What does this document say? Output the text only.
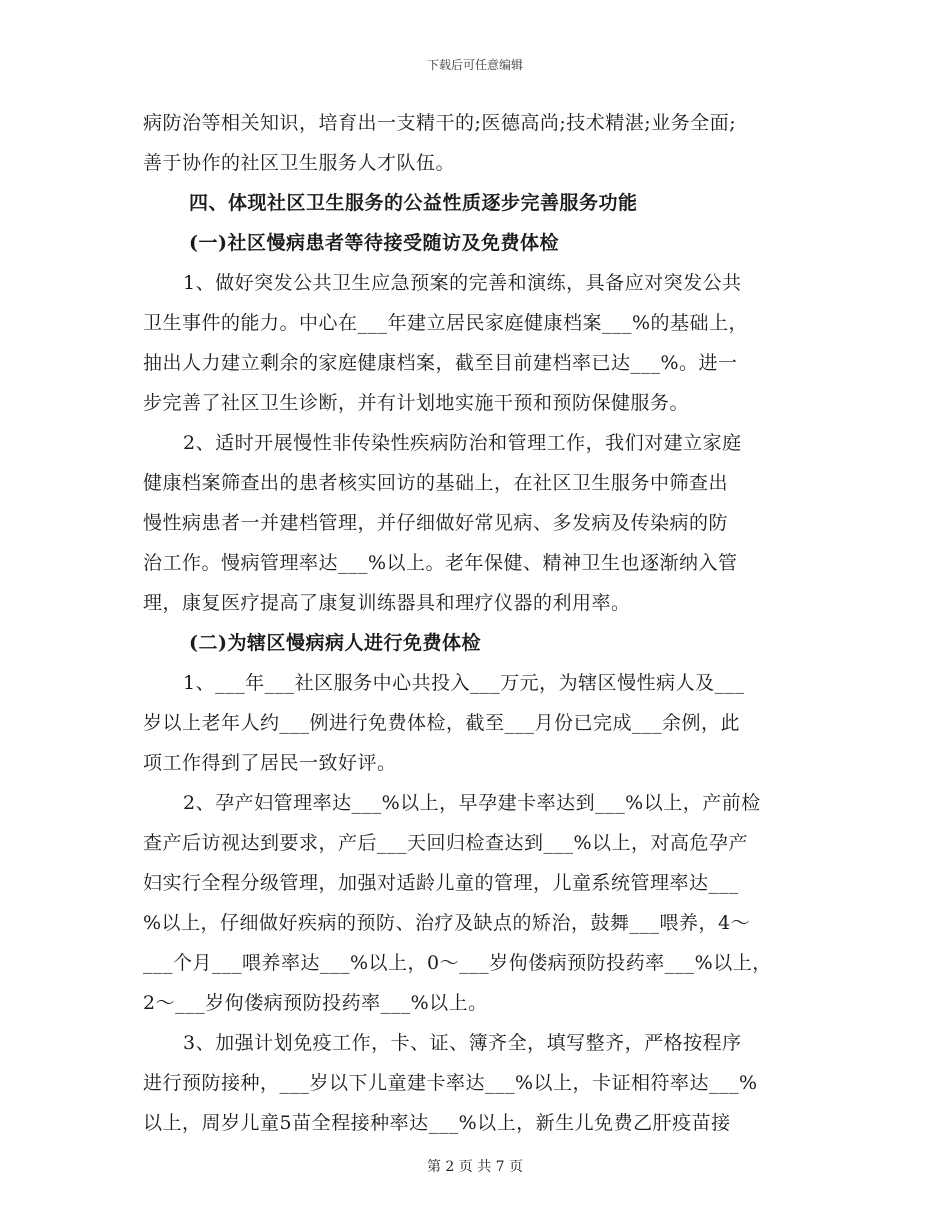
下载后可任意编辑
病防治等相关知识，培育出一支精干的;医德高尚;技术精湛;业务全面;
善于协作的社区卫生服务人才队伍。
四、体现社区卫生服务的公益性质逐步完善服务功能
(一)社区慢病患者等待接受随访及免费体检
1、做好突发公共卫生应急预案的完善和演练，具备应对突发公共
卫生事件的能力。中心在___年建立居民家庭健康档案___%的基础上，
抽出人力建立剩余的家庭健康档案，截至目前建档率已达___%。进一
步完善了社区卫生诊断，并有计划地实施干预和预防保健服务。
2、适时开展慢性非传染性疾病防治和管理工作，我们对建立家庭
健康档案筛查出的患者核实回访的基础上，在社区卫生服务中筛查出
慢性病患者一并建档管理，并仔细做好常见病、多发病及传染病的防
治工作。慢病管理率达___%以上。老年保健、精神卫生也逐渐纳入管
理，康复医疗提高了康复训练器具和理疗仪器的利用率。
(二)为辖区慢病病人进行免费体检
1、___年___社区服务中心共投入___万元，为辖区慢性病人及___
岁以上老年人约___例进行免费体检，截至___月份已完成___余例，此
项工作得到了居民一致好评。
2、孕产妇管理率达___%以上，早孕建卡率达到___%以上，产前检
查产后访视达到要求，产后___天回归检查达到___%以上，对高危孕产
妇实行全程分级管理，加强对适龄儿童的管理，儿童系统管理率达___
%以上，仔细做好疾病的预防、治疗及缺点的矫治，鼓舞___喂养，4～
___个月___喂养率达___%以上，0～___岁佝偻病预防投药率___%以上，
2～___岁佝偻病预防投药率___%以上。
3、加强计划免疫工作，卡、证、簿齐全，填写整齐，严格按程序
进行预防接种，___岁以下儿童建卡率达___%以上，卡证相符率达___%
以上，周岁儿童5苗全程接种率达___%以上，新生儿免费乙肝疫苗接
第 2 页 共 7 页
